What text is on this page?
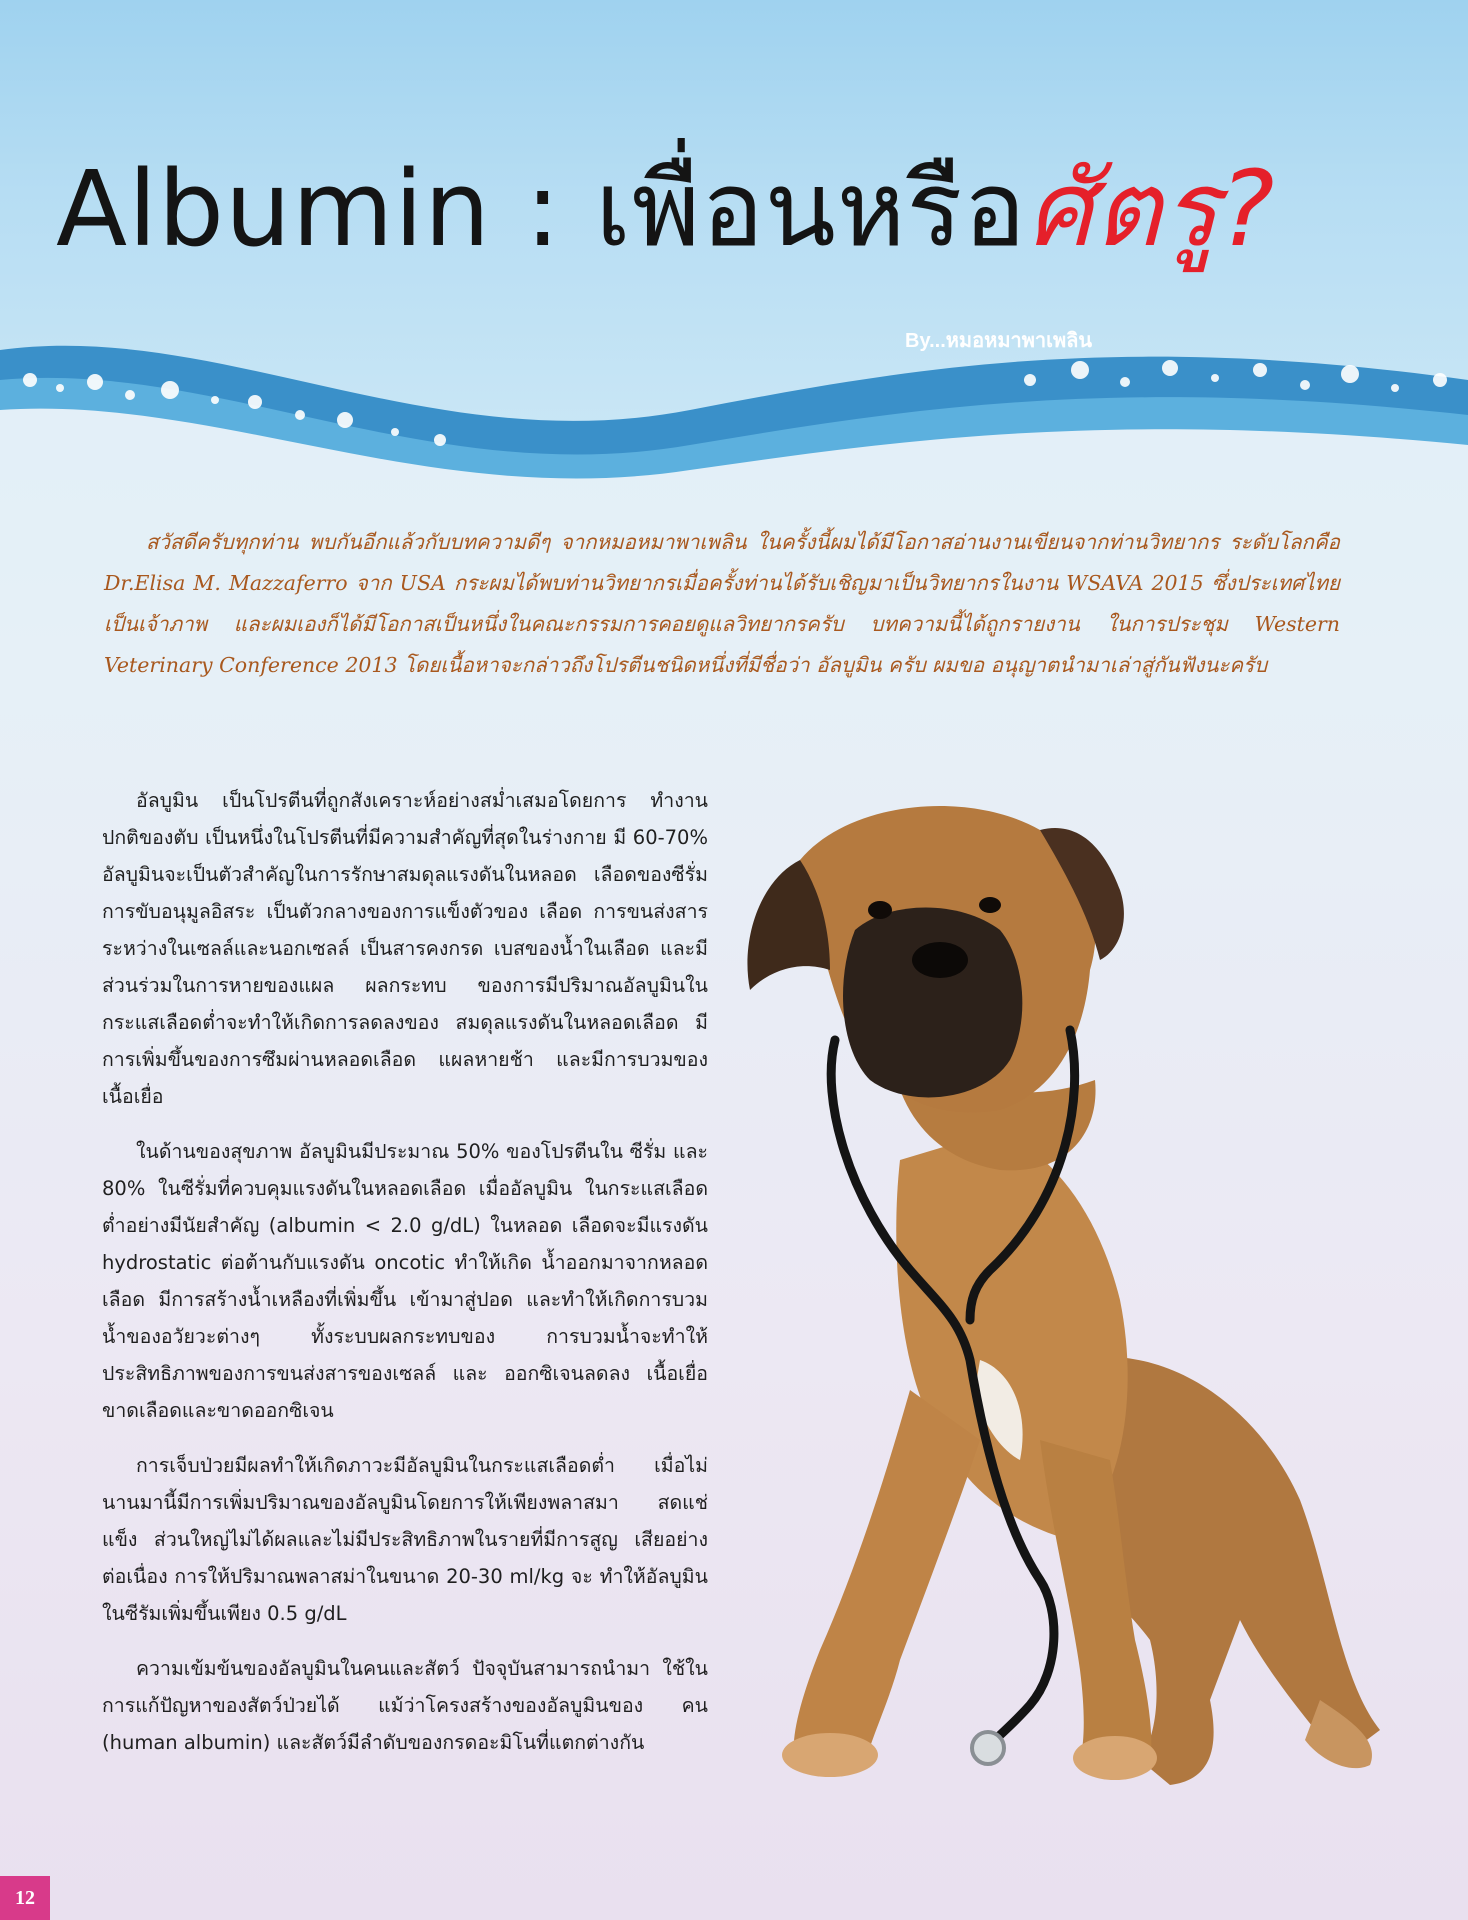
Albumin : เพื่อนหรือศัตรู?

By...หมอหมาพาเพลิน

สวัสดีครับทุกท่าน พบกันอีกแล้วกับบทความดีๆ จากหมอหมาพาเพลิน ในครั้งนี้ผมได้มีโอกาสอ่านงานเขียนจากท่านวิทยากร ระดับโลกคือ Dr.Elisa M. Mazzaferro จาก USA กระผมได้พบท่านวิทยากรเมื่อครั้งท่านได้รับเชิญมาเป็นวิทยากรในงาน WSAVA 2015 ซึ่งประเทศไทยเป็นเจ้าภาพ และผมเองก็ได้มีโอกาสเป็นหนึ่งในคณะกรรมการคอยดูแลวิทยากรครับ บทความนี้ได้ถูกรายงาน ในการประชุม Western Veterinary Conference 2013 โดยเนื้อหาจะกล่าวถึงโปรตีนชนิดหนึ่งที่มีชื่อว่า อัลบูมิน ครับ ผมขอ อนุญาตนำมาเล่าสู่กันฟังนะครับ

อัลบูมิน เป็นโปรตีนที่ถูกสังเคราะห์อย่างสม่ำเสมอโดยการ ทำงานปกติของตับ เป็นหนึ่งในโปรตีนที่มีความสำคัญที่สุดในร่างกาย มี 60-70% อัลบูมินจะเป็นตัวสำคัญในการรักษาสมดุลแรงดันในหลอด เลือดของซีรั่ม การขับอนุมูลอิสระ เป็นตัวกลางของการแข็งตัวของ เลือด การขนส่งสารระหว่างในเซลล์และนอกเซลล์ เป็นสารคงกรด เบสของน้ำในเลือด และมีส่วนร่วมในการหายของแผล ผลกระทบ ของการมีปริมาณอัลบูมินในกระแสเลือดต่ำจะทำให้เกิดการลดลงของ สมดุลแรงดันในหลอดเลือด มีการเพิ่มขึ้นของการซึมผ่านหลอดเลือด แผลหายช้า และมีการบวมของเนื้อเยื่อ

ในด้านของสุขภาพ อัลบูมินมีประมาณ 50% ของโปรตีนใน ซีรั่ม และ 80% ในซีรั่มที่ควบคุมแรงดันในหลอดเลือด เมื่ออัลบูมิน ในกระแสเลือดต่ำอย่างมีนัยสำคัญ (albumin < 2.0 g/dL) ในหลอด เลือดจะมีแรงดัน hydrostatic ต่อต้านกับแรงดัน oncotic ทำให้เกิด น้ำออกมาจากหลอดเลือด มีการสร้างน้ำเหลืองที่เพิ่มขึ้น เข้ามาสู่ปอด และทำให้เกิดการบวมน้ำของอวัยวะต่างๆ ทั้งระบบผลกระทบของ การบวมน้ำจะทำให้ประสิทธิภาพของการขนส่งสารของเซลล์ และ ออกซิเจนลดลง เนื้อเยื่อขาดเลือดและขาดออกซิเจน

การเจ็บป่วยมีผลทำให้เกิดภาวะมีอัลบูมินในกระแสเลือดต่ำ เมื่อไม่นานมานี้มีการเพิ่มปริมาณของอัลบูมินโดยการให้เพียงพลาสมา สดแช่แข็ง ส่วนใหญ่ไม่ได้ผลและไม่มีประสิทธิภาพในรายที่มีการสูญ เสียอย่างต่อเนื่อง การให้ปริมาณพลาสม่าในขนาด 20-30 ml/kg จะ ทำให้อัลบูมินในซีรัมเพิ่มขึ้นเพียง 0.5 g/dL

ความเข้มข้นของอัลบูมินในคนและสัตว์ ปัจจุบันสามารถนำมา ใช้ในการแก้ปัญหาของสัตว์ป่วยได้ แม้ว่าโครงสร้างของอัลบูมินของ คน (human albumin) และสัตว์มีลำดับของกรดอะมิโนที่แตกต่างกัน

12
